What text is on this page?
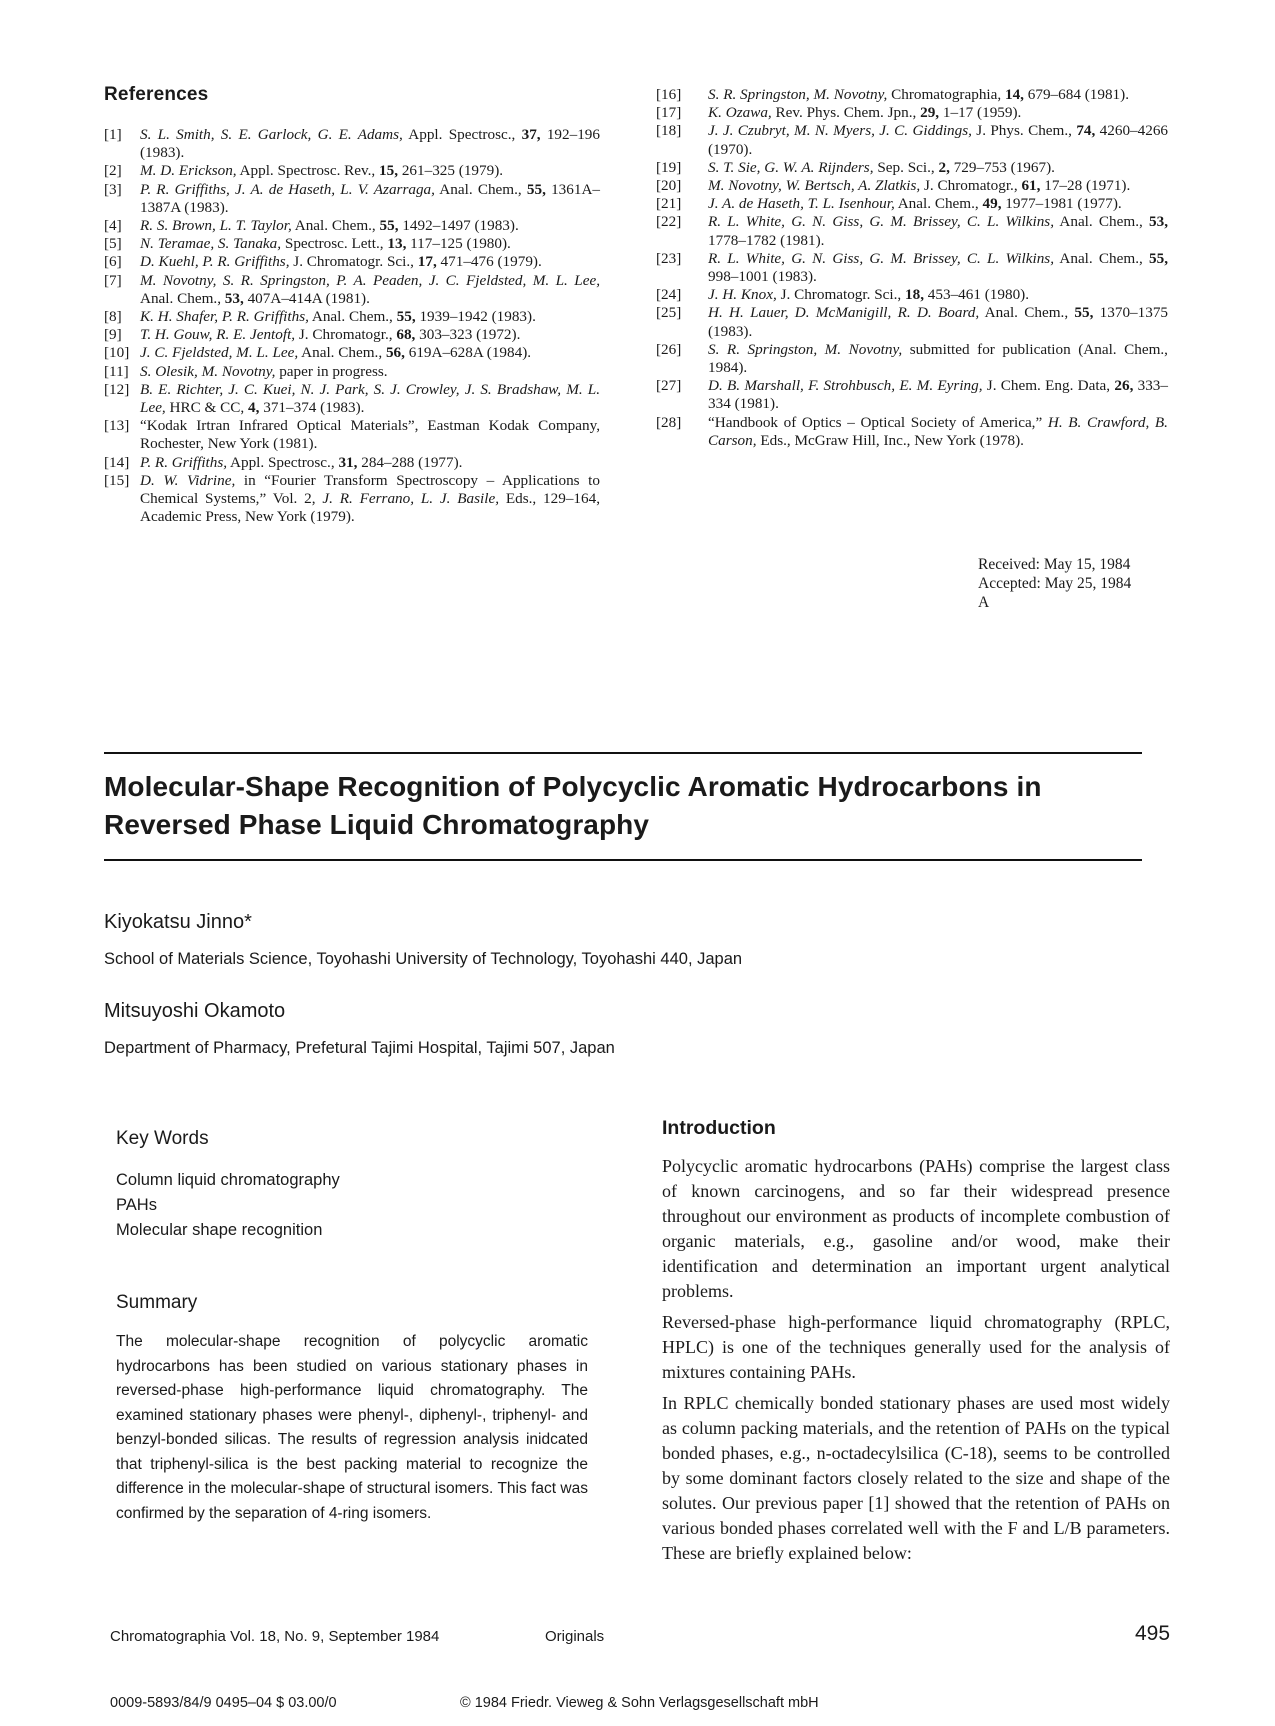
References
[1]	S. L. Smith, S. E. Garlock, G. E. Adams, Appl. Spectrosc., 37, 192–196 (1983).
[2]	M. D. Erickson, Appl. Spectrosc. Rev., 15, 261–325 (1979).
[3]	P. R. Griffiths, J. A. de Haseth, L. V. Azarraga, Anal. Chem., 55, 1361A–1387A (1983).
[4]	R. S. Brown, L. T. Taylor, Anal. Chem., 55, 1492–1497 (1983).
[5]	N. Teramae, S. Tanaka, Spectrosc. Lett., 13, 117–125 (1980).
[6]	D. Kuehl, P. R. Griffiths, J. Chromatogr. Sci., 17, 471–476 (1979).
[7]	M. Novotny, S. R. Springston, P. A. Peaden, J. C. Fjeldsted, M. L. Lee, Anal. Chem., 53, 407A–414A (1981).
[8]	K. H. Shafer, P. R. Griffiths, Anal. Chem., 55, 1939–1942 (1983).
[9]	T. H. Gouw, R. E. Jentoft, J. Chromatogr., 68, 303–323 (1972).
[10] J. C. Fjeldsted, M. L. Lee, Anal. Chem., 56, 619A–628A (1984).
[11] S. Olesik, M. Novotny, paper in progress.
[12] B. E. Richter, J. C. Kuei, N. J. Park, S. J. Crowley, J. S. Bradshaw, M. L. Lee, HRC & CC, 4, 371–374 (1983).
[13] “Kodak Irtran Infrared Optical Materials”, Eastman Kodak Company, Rochester, New York (1981).
[14] P. R. Griffiths, Appl. Spectrosc., 31, 284–288 (1977).
[15] D. W. Vidrine, in “Fourier Transform Spectroscopy – Applications to Chemical Systems,” Vol. 2, J. R. Ferrano, L. J. Basile, Eds., 129–164, Academic Press, New York (1979).
[16]	S. R. Springston, M. Novotny, Chromatographia, 14, 679–684 (1981).
[17]	K. Ozawa, Rev. Phys. Chem. Jpn., 29, 1–17 (1959).
[18]	J. J. Czubryt, M. N. Myers, J. C. Giddings, J. Phys. Chem., 74, 4260–4266 (1970).
[19]	S. T. Sie, G. W. A. Rijnders, Sep. Sci., 2, 729–753 (1967).
[20]	M. Novotny, W. Bertsch, A. Zlatkis, J. Chromatogr., 61, 17–28 (1971).
[21]	J. A. de Haseth, T. L. Isenhour, Anal. Chem., 49, 1977–1981 (1977).
[22]	R. L. White, G. N. Giss, G. M. Brissey, C. L. Wilkins, Anal. Chem., 53, 1778–1782 (1981).
[23]	R. L. White, G. N. Giss, G. M. Brissey, C. L. Wilkins, Anal. Chem., 55, 998–1001 (1983).
[24]	J. H. Knox, J. Chromatogr. Sci., 18, 453–461 (1980).
[25]	H. H. Lauer, D. McManigill, R. D. Board, Anal. Chem., 55, 1370–1375 (1983).
[26]	S. R. Springston, M. Novotny, submitted for publication (Anal. Chem., 1984).
[27]	D. B. Marshall, F. Strohbusch, E. M. Eyring, J. Chem. Eng. Data, 26, 333–334 (1981).
[28]	“Handbook of Optics – Optical Society of America,” H. B. Crawford, B. Carson, Eds., McGraw Hill, Inc., New York (1978).
Received: May 15, 1984
Accepted: May 25, 1984
A
Molecular-Shape Recognition of Polycyclic Aromatic Hydrocarbons in
Reversed Phase Liquid Chromatography
Kiyokatsu Jinno*
School of Materials Science, Toyohashi University of Technology, Toyohashi 440, Japan
Mitsuyoshi Okamoto
Department of Pharmacy, Prefetural Tajimi Hospital, Tajimi 507, Japan
Key Words
Column liquid chromatography
PAHs
Molecular shape recognition
Summary
The molecular-shape recognition of polycyclic aromatic hydrocarbons has been studied on various stationary phases in reversed-phase high-performance liquid chromatography. The examined stationary phases were phenyl-, diphenyl-, triphenyl- and benzyl-bonded silicas. The results of regression analysis inidcated that triphenyl-silica is the best packing material to recognize the difference in the molecular-shape of structural isomers. This fact was confirmed by the separation of 4-ring isomers.
Introduction

Polycyclic aromatic hydrocarbons (PAHs) comprise the largest class of known carcinogens, and so far their widespread presence throughout our environment as products of incomplete combustion of organic materials, e.g., gasoline and/or wood, make their identification and determination an important urgent analytical problems.

Reversed-phase high-performance liquid chromatography (RPLC, HPLC) is one of the techniques generally used for the analysis of mixtures containing PAHs.

In RPLC chemically bonded stationary phases are used most widely as column packing materials, and the retention of PAHs on the typical bonded phases, e.g., n-octadecylsilica (C-18), seems to be controlled by some dominant factors closely related to the size and shape of the solutes. Our previous paper [1] showed that the retention of PAHs on various bonded phases correlated well with the F and L/B parameters. These are briefly explained below:

Chromatographia Vol. 18, No. 9, September 1984	Originals	495
0009-5893/84/9 0495–04 $ 03.00/0	© 1984 Friedr. Vieweg & Sohn Verlagsgesellschaft mbH
